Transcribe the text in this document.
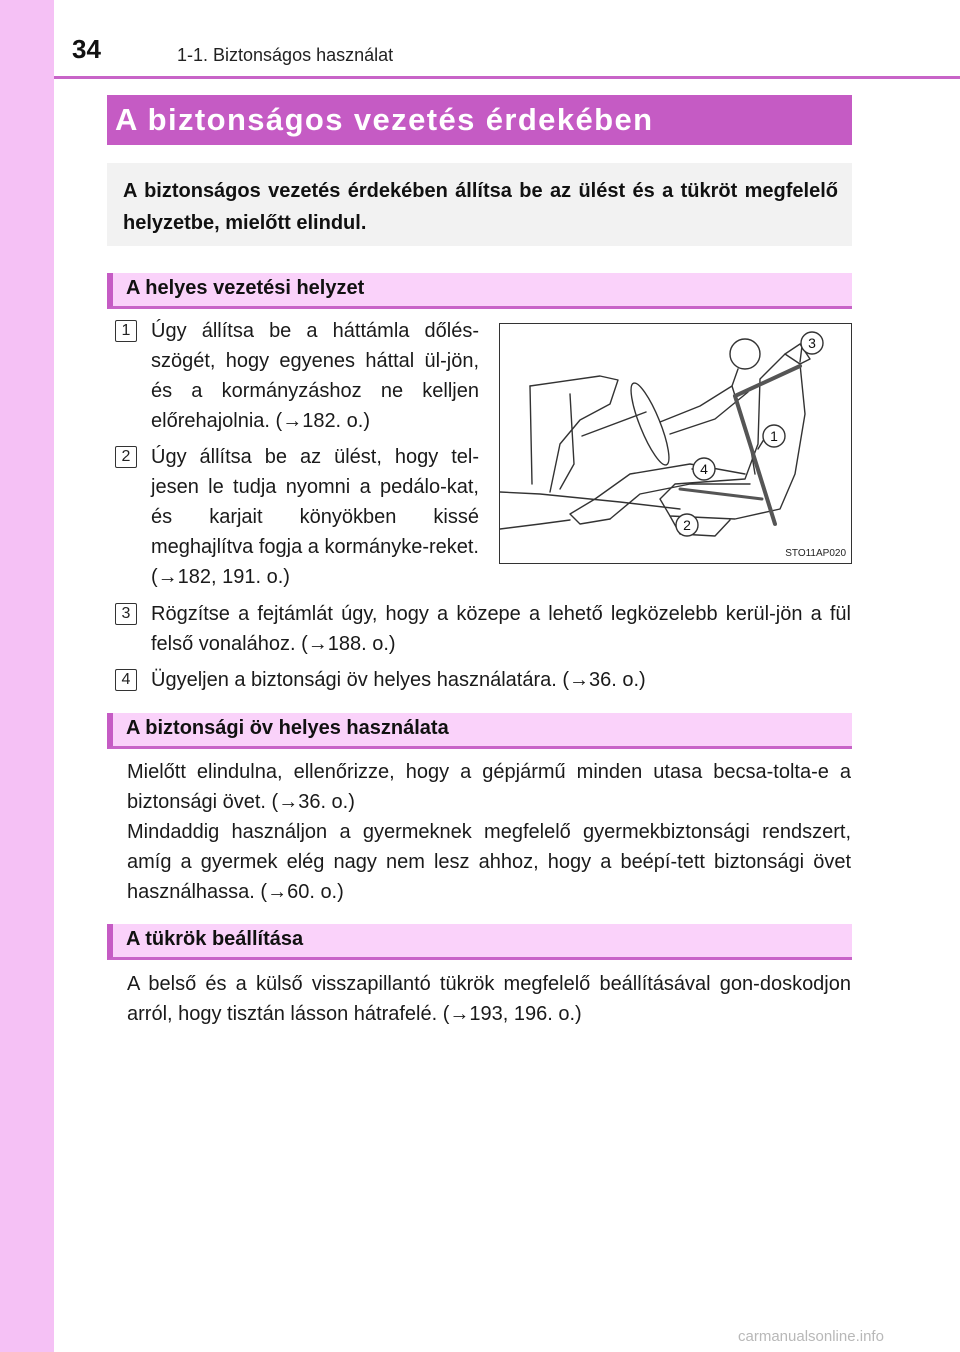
34	1-1. Biztonságos használat
A biztonságos vezetés érdekében
A biztonságos vezetés érdekében állítsa be az ülést és a tükröt megfelelő helyzetbe, mielőtt elindul.
A helyes vezetési helyzet
1	Úgy állítsa be a háttámla dőlés-szögét, hogy egyenes háttal ül-jön, és a kormányzáshoz ne kelljen előrehajolnia. (→182. o.)
2	Úgy állítsa be az ülést, hogy tel-jesen le tudja nyomni a pedálo-kat, és karjait könyökben kissé meghajlítva fogja a kormányke-reket. (→182, 191. o.)
3	Rögzítse a fejtámlát úgy, hogy a közepe a lehető legközelebb kerül-jön a fül felső vonalához. (→188. o.)
4	Ügyeljen a biztonsági öv helyes használatára. (→36. o.)
3
1
4
2
STO11AP020
A biztonsági öv helyes használata
Mielőtt elindulna, ellenőrizze, hogy a gépjármű minden utasa becsa-tolta-e a biztonsági övet. (→36. o.)
Mindaddig használjon a gyermeknek megfelelő gyermekbiztonsági rendszert, amíg a gyermek elég nagy nem lesz ahhoz, hogy a beépí-tett biztonsági övet használhassa. (→60. o.)
A tükrök beállítása
A belső és a külső visszapillantó tükrök megfelelő beállításával gon-doskodjon arról, hogy tisztán lásson hátrafelé. (→193, 196. o.)
carmanualsonline.info
